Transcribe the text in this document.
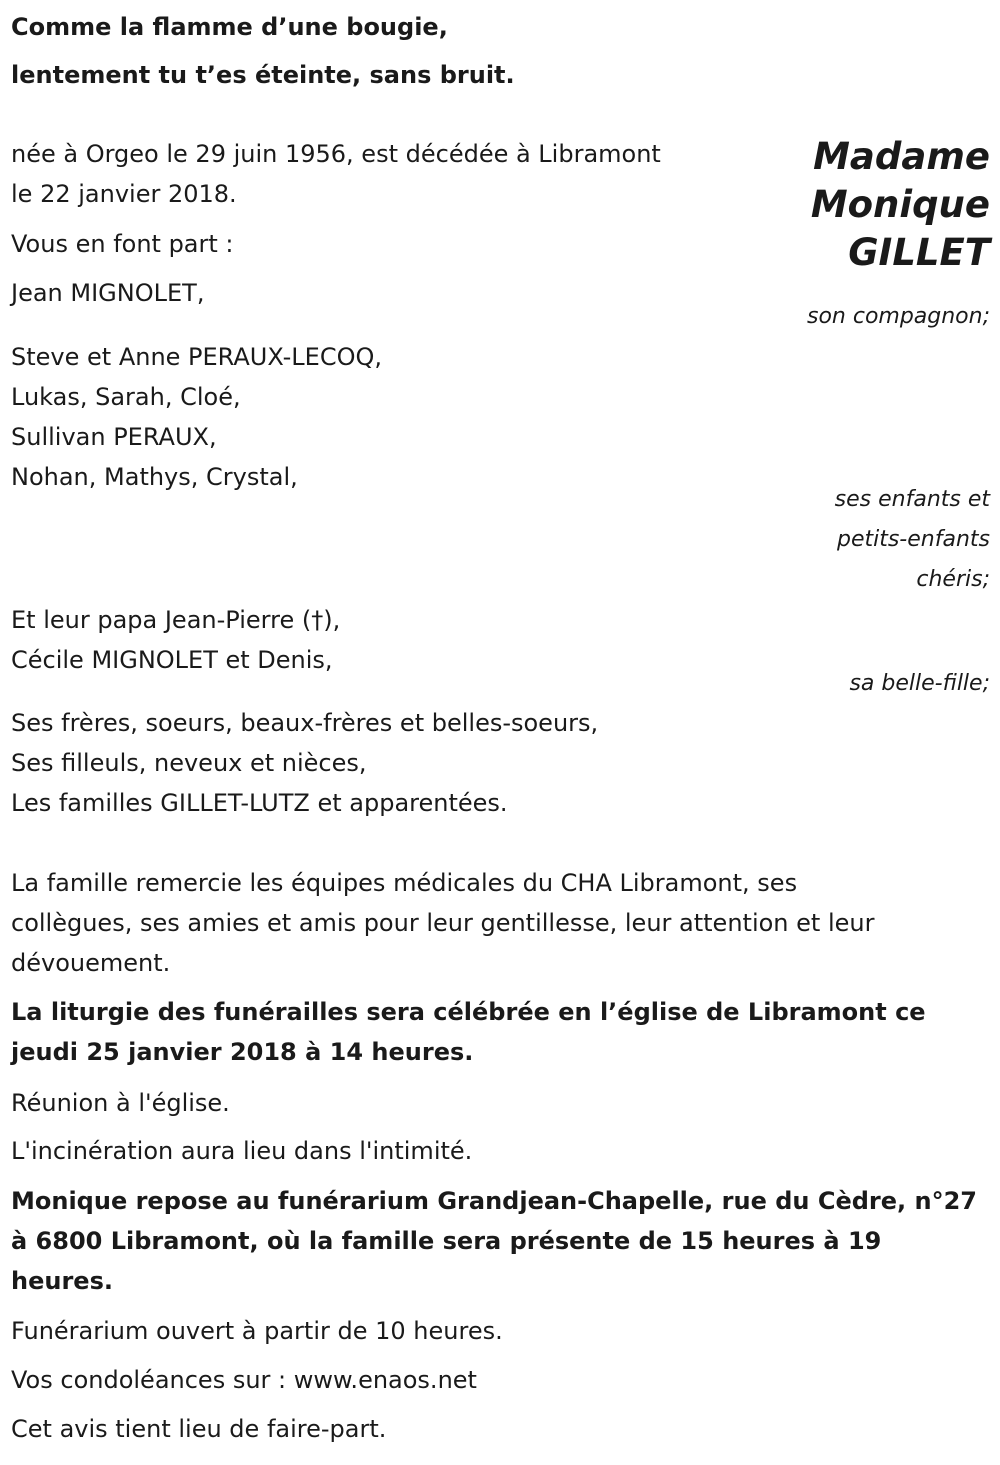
Comme la flamme d’une bougie,
lentement tu t’es éteinte, sans bruit.
Madame
Monique
GILLET
née à Orgeo le 29 juin 1956, est décédée à Libramont
le 22 janvier 2018.
Vous en font part :
Jean MIGNOLET,
son compagnon;
Steve et Anne PERAUX-LECOQ,
Lukas, Sarah, Cloé,
Sullivan PERAUX,
Nohan, Mathys, Crystal,
ses enfants et
petits-enfants
chéris;
Et leur papa Jean-Pierre (†),
Cécile MIGNOLET et Denis,
sa belle-fille;
Ses frères, soeurs, beaux-frères et belles-soeurs,
Ses filleuls, neveux et nièces,
Les familles GILLET-LUTZ et apparentées.
La famille remercie les équipes médicales du CHA Libramont, ses
collègues, ses amies et amis pour leur gentillesse, leur attention et leur
dévouement.
La liturgie des funérailles sera célébrée en l’église de Libramont ce
jeudi 25 janvier 2018 à 14 heures.
Réunion à l'église.
L'incinération aura lieu dans l'intimité.
Monique repose au funérarium Grandjean-Chapelle, rue du Cèdre, n°27
à 6800 Libramont, où la famille sera présente de 15 heures à 19
heures.
Funérarium ouvert à partir de 10 heures.
Vos condoléances sur : www.enaos.net
Cet avis tient lieu de faire-part.
